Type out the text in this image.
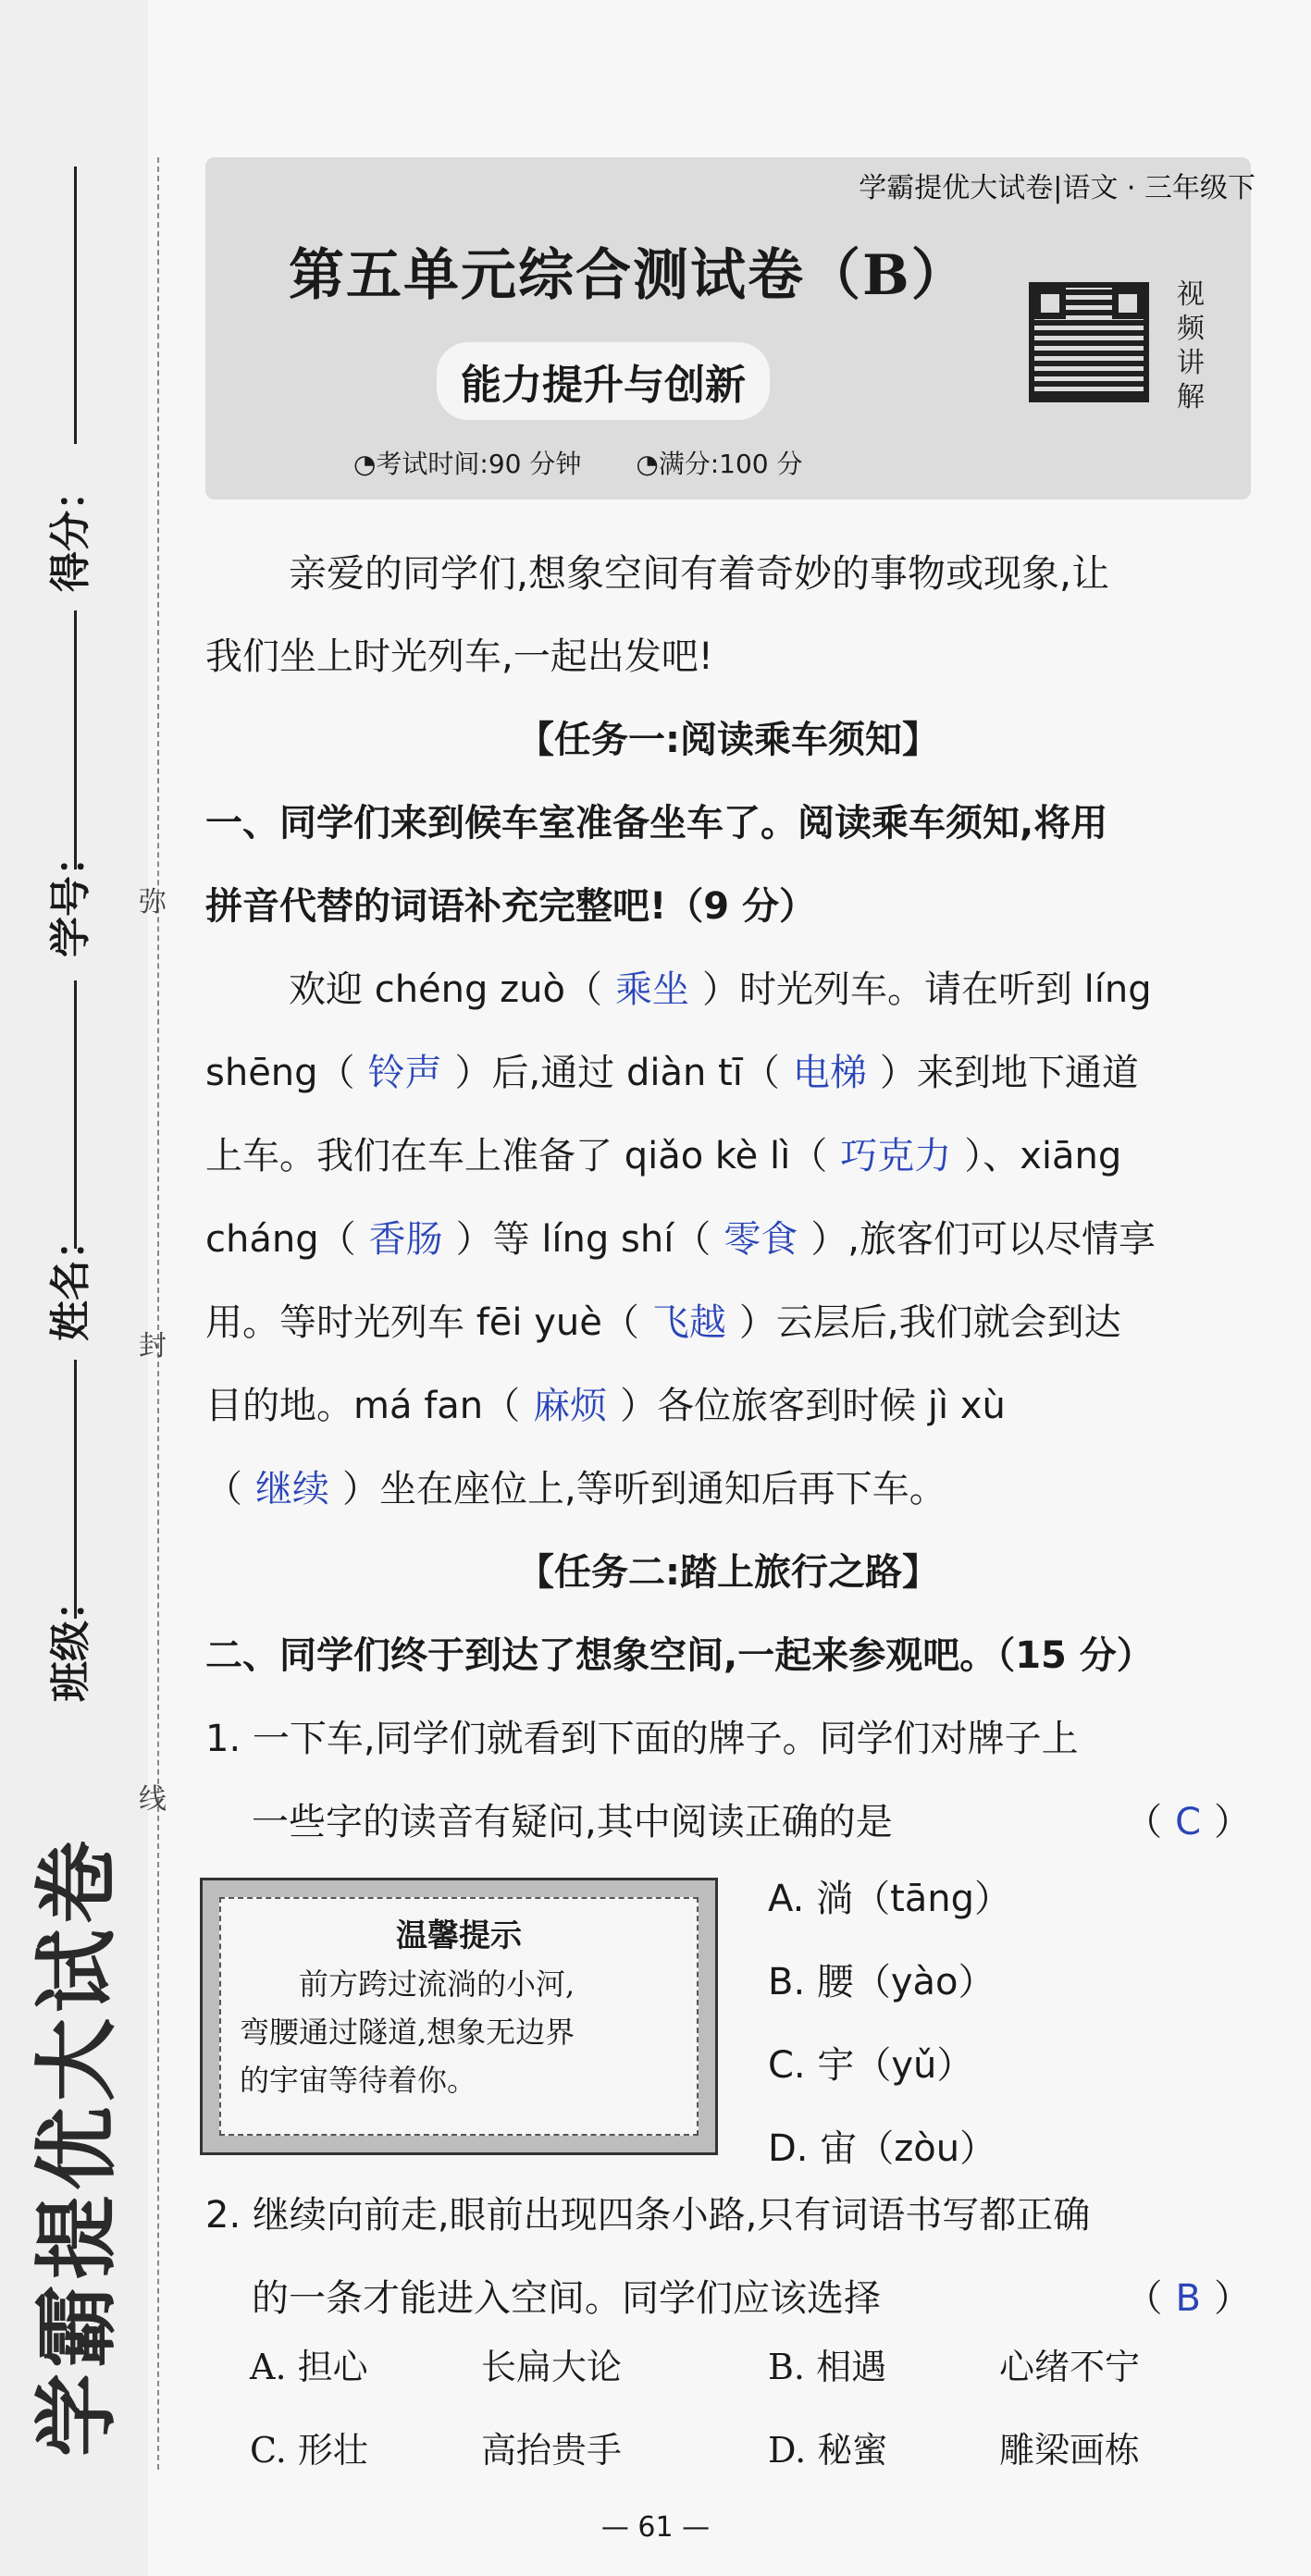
弥
封
线
得分：
学号：
姓名：
班级：
学霸提优大试卷
第五单元综合测试卷（B）
能力提升与创新
◔考试时间:90 分钟 ◔满分:100 分
视频讲解
学霸提优大试卷|语文 · 三年级下
亲爱的同学们,想象空间有着奇妙的事物或现象,让
我们坐上时光列车,一起出发吧!
【任务一:阅读乘车须知】
一、同学们来到候车室准备坐车了。阅读乘车须知,将用
拼音代替的词语补充完整吧!（9 分）
欢迎 chéng zuò（ 乘坐 ）时光列车。请在听到 líng
shēng（ 铃声 ）后,通过 diàn tī（ 电梯 ）来到地下通道
上车。我们在车上准备了 qiǎo kè lì（ 巧克力 ）、xiāng
cháng（ 香肠 ）等 líng shí（ 零食 ）,旅客们可以尽情享
用。等时光列车 fēi yuè（ 飞越 ）云层后,我们就会到达
目的地。má fan（ 麻烦 ）各位旅客到时候 jì xù
（ 继续 ）坐在座位上,等听到通知后再下车。
【任务二:踏上旅行之路】
二、同学们终于到达了想象空间,一起来参观吧。（15 分）
1. 一下车,同学们就看到下面的牌子。同学们对牌子上
一些字的读音有疑问,其中阅读正确的是	（ C ）
温馨提示
前方跨过流淌的小河,
弯腰通过隧道,想象无边界
的宇宙等待着你。
A. 淌（tāng）
B. 腰（yào）
C. 宇（yǔ）
D. 宙（zòu）
2. 继续向前走,眼前出现四条小路,只有词语书写都正确
的一条才能进入空间。同学们应该选择	（ B ）
A. 担心	长扁大论	B. 相遇	心绪不宁
C. 形壮	高抬贵手	D. 秘蜜	雕梁画栋
— 61 —
